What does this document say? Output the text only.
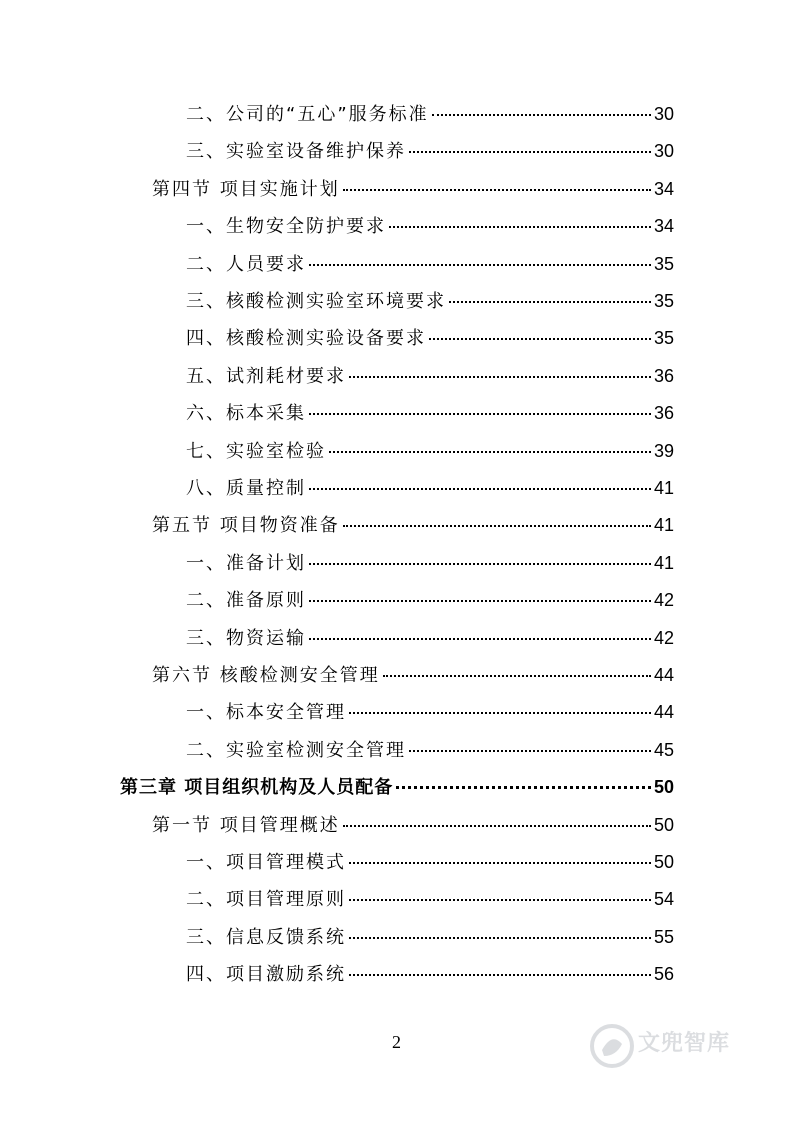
二、公司的“五心”服务标准	30
三、实验室设备维护保养	30
第四节 项目实施计划	34
一、生物安全防护要求	34
二、人员要求	35
三、核酸检测实验室环境要求	35
四、核酸检测实验设备要求	35
五、试剂耗材要求	36
六、标本采集	36
七、实验室检验	39
八、质量控制	41
第五节 项目物资准备	41
一、准备计划	41
二、准备原则	42
三、物资运输	42
第六节 核酸检测安全管理	44
一、标本安全管理	44
二、实验室检测安全管理	45
第三章 项目组织机构及人员配备	50
第一节 项目管理概述	50
一、项目管理模式	50
二、项目管理原则	54
三、信息反馈系统	55
四、项目激励系统	56
2	文兜智库
